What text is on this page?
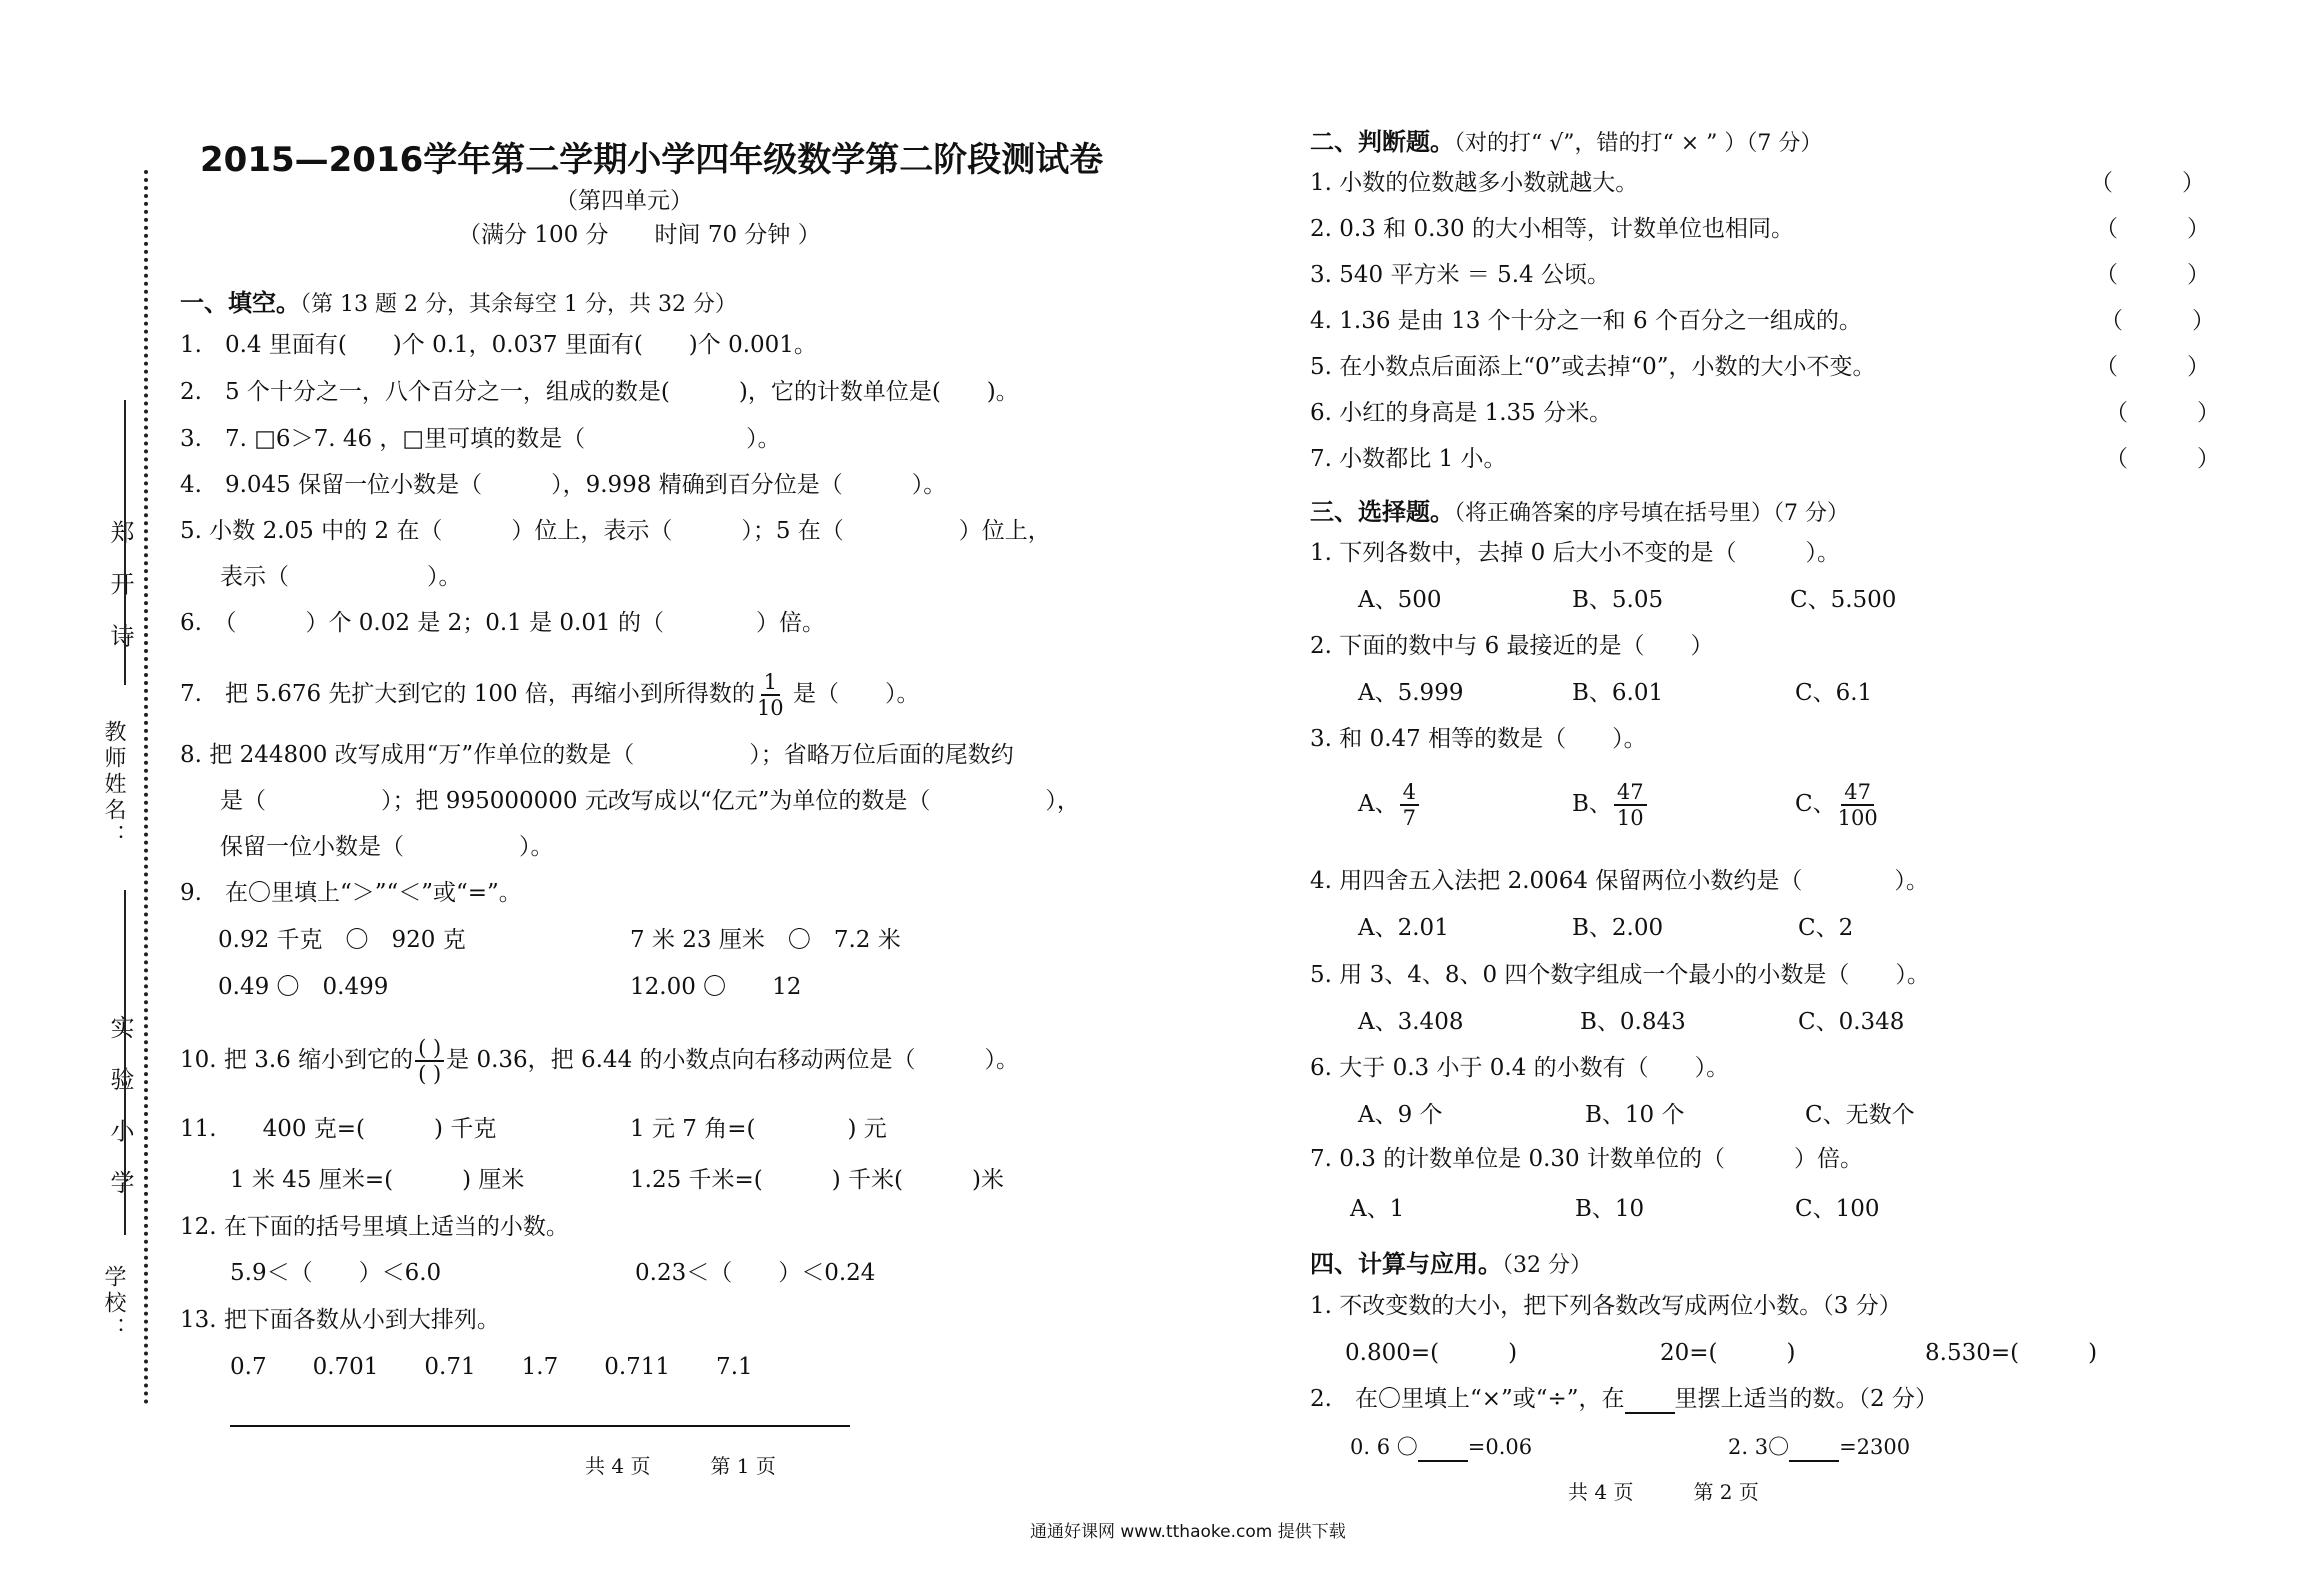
郑 开 诗
教师姓名：
实 验 小 学
学校：
2015—2016学年第二学期小学四年级数学第二阶段测试卷
（第四单元）
（满分 100 分　　时间 70 分钟 ）
一、填空。（第 13 题 2 分，其余每空 1 分，共 32 分）
1.　0.4 里面有(　　)个 0.1，0.037 里面有(　　)个 0.001。
2.　5 个十分之一，八个百分之一，组成的数是(　　　)，它的计数单位是(　　)。
3.　7. □6＞7. 46 ，□里可填的数是（　　　　　　　）。
4.　9.045 保留一位小数是（　　　），9.998 精确到百分位是（　　　）。
5. 小数 2.05 中的 2 在（　　　）位上，表示（　　　）；5 在（　　　　　）位上，
表示（　　　　　　）。
6.　（　　　）个 0.02 是 2；0.1 是 0.01 的（　　　　）倍。
7.　把 5.676 先扩大到它的 100 倍，再缩小到所得数的 $\frac{1}{10}$ 是（　　）。
8. 把 244800 改写成用“万”作单位的数是（　　　　　）；省略万位后面的尾数约
是（　　　　　）；把 995000000 元改写成以“亿元”为单位的数是（　　　　　），
保留一位小数是（　　　　　）。
9.　在〇里填上“＞”“＜”或“=”。
0.92 千克　〇　920 克	7 米 23 厘米　〇　7.2 米
0.49 〇　0.499	12.00 〇　　12
10. 把 3.6 缩小到它的 $\frac{( )}{( )}$ 是 0.36，把 6.44 的小数点向右移动两位是（　　　）。
11.　　400 克=(　　　) 千克	1 元 7 角=(　　　　) 元
1 米 45 厘米=(　　　) 厘米	1.25 千米=(　　　) 千米(　　　)米
12. 在下面的括号里填上适当的小数。
5.9＜（　　）＜6.0	0.23＜（　　）＜0.24
13. 把下面各数从小到大排列。
0.7　　0.701　　0.71　　1.7　　0.711　　7.1
共 4 页　　　第 1 页
二、判断题。（对的打“ √”，错的打“ × ” ）（7 分）
1. 小数的位数越多小数就越大。	（　　　）
2. 0.3 和 0.30 的大小相等，计数单位也相同。	（　　　）
3. 540 平方米 ＝ 5.4 公顷。	（　　　）
4. 1.36 是由 13 个十分之一和 6 个百分之一组成的。	（　　　）
5. 在小数点后面添上“0”或去掉“0”，小数的大小不变。	（　　　）
6. 小红的身高是 1.35 分米。	（　　　）
7. 小数都比 1 小。	（　　　）
三、选择题。（将正确答案的序号填在括号里）（7 分）
1. 下列各数中，去掉 0 后大小不变的是（　　　）。
A、500	B、5.05	C、5.500
2. 下面的数中与 6 最接近的是（　　）
A、5.999	B、6.01	C、6.1
3. 和 0.47 相等的数是（　　）。
A、 $\frac{4}{7}$	B、 $\frac{47}{10}$	C、 $\frac{47}{100}$
4. 用四舍五入法把 2.0064 保留两位小数约是（　　　　）。
A、2.01	B、2.00	C、2
5. 用 3、4、8、0 四个数字组成一个最小的小数是（　　）。
A、3.408	B、0.843	C、0.348
6. 大于 0.3 小于 0.4 的小数有（　　）。
A、9 个	B、10 个	C、无数个
7. 0.3 的计数单位是 0.30 计数单位的（　　　）倍。
A、1	B、10	C、100
四、计算与应用。（32 分）
1. 不改变数的大小，把下列各数改写成两位小数。（3 分）
0.800=(　　　)	20=(　　　)	8.530=(　　　)
2.　在〇里填上“×”或“÷”，在 里摆上适当的数。（2 分）
0. 6 〇 =0.06	2. 3〇 =2300
共 4 页　　　第 2 页
通通好课网 www.tthaoke.com 提供下载
